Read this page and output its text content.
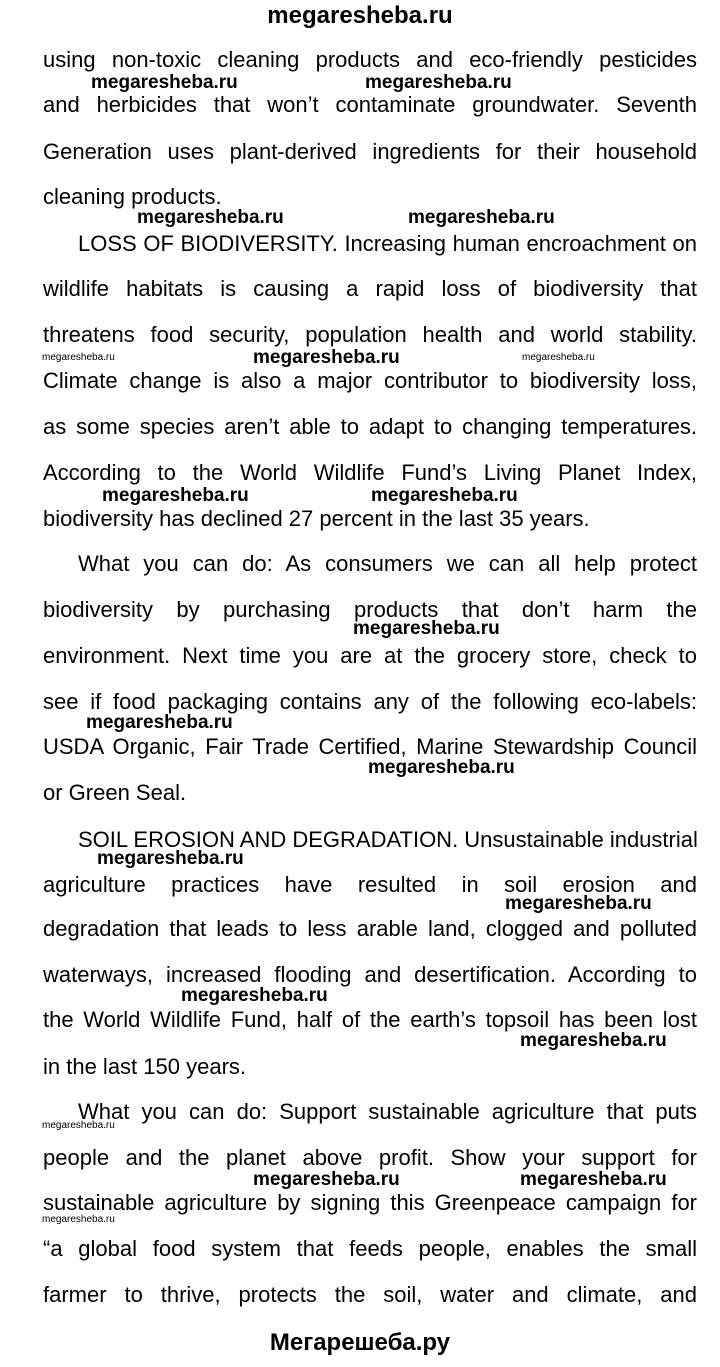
megaresheba.ru
using non-toxic cleaning products and eco-friendly pesticides
and herbicides that won’t contaminate groundwater. Seventh
Generation uses plant-derived ingredients for their household
cleaning products.
LOSS OF BIODIVERSITY. Increasing human encroachment on
wildlife habitats is causing a rapid loss of biodiversity that
threatens food security, population health and world stability.
Climate change is also a major contributor to biodiversity loss,
as some species aren’t able to adapt to changing temperatures.
According to the World Wildlife Fund’s Living Planet Index,
biodiversity has declined 27 percent in the last 35 years.
What you can do: As consumers we can all help protect
biodiversity by purchasing products that don’t harm the
environment. Next time you are at the grocery store, check to
see if food packaging contains any of the following eco-labels:
USDA Organic, Fair Trade Certified, Marine Stewardship Council
or Green Seal.
SOIL EROSION AND DEGRADATION. Unsustainable industrial
agriculture practices have resulted in soil erosion and
degradation that leads to less arable land, clogged and polluted
waterways, increased flooding and desertification. According to
the World Wildlife Fund, half of the earth’s topsoil has been lost
in the last 150 years.
What you can do: Support sustainable agriculture that puts
people and the planet above profit. Show your support for
sustainable agriculture by signing this Greenpeace campaign for
“a global food system that feeds people, enables the small
farmer to thrive, protects the soil, water and climate, and
megaresheba.ru	megaresheba.ru
megaresheba.ru	megaresheba.ru
megaresheba.ru	megaresheba.ru	megaresheba.ru
megaresheba.ru	megaresheba.ru
megaresheba.ru
megaresheba.ru
megaresheba.ru
megaresheba.ru
megaresheba.ru
megaresheba.ru
megaresheba.ru
megaresheba.ru
megaresheba.ru	megaresheba.ru
megaresheba.ru
Мегарешеба.ру
